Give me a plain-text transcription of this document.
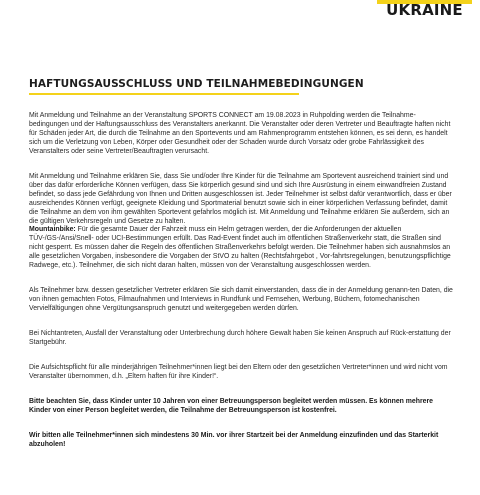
UKRAINE
HAFTUNGSAUSSCHLUSS UND TEILNAHMEBEDINGUNGEN

Mit Anmeldung und Teilnahme an der Veranstaltung SPORTS CONNECT am 19.08.2023 in Ruhpolding werden die Teilnahme-bedingungen und der Haftungsausschluss des Veranstalters anerkannt. Die Veranstalter oder deren Vertreter und Beauftragte haften nicht für Schäden jeder Art, die durch die Teilnahme an den Sportevents und am Rahmenprogramm entstehen können, es sei denn, es handelt sich um die Verletzung von Leben, Körper oder Gesundheit oder der Schaden wurde durch Vorsatz oder grobe Fahrlässigkeit des Veranstalters oder seine Vertreter/Beauftragten verursacht.

Mit Anmeldung und Teilnahme erklären Sie, dass Sie und/oder Ihre Kinder für die Teilnahme am Sportevent ausreichend trainiert sind und über das dafür erforderliche Können verfügen, dass Sie körperlich gesund sind und sich Ihre Ausrüstung in einem einwandfreien Zustand befindet, so dass jede Gefährdung von Ihnen und Dritten ausgeschlossen ist. Jeder Teilnehmer ist selbst dafür verantwortlich, dass er über ausreichendes Können verfügt, geeignete Kleidung und Sportmaterial benutzt sowie sich in einer körperlichen Verfassung befindet, damit die Teilnahme an dem von ihm gewählten Sportevent gefahrlos möglich ist. Mit Anmeldung und Teilnahme erklären Sie außerdem, sich an die gültigen Verkehrsregeln und Gesetze zu halten.

Mountainbike: Für die gesamte Dauer der Fahrzeit muss ein Helm getragen werden, der die Anforderungen der aktuellen TÜV-/GS-/Ansi/Snell- oder UCI-Bestimmungen erfüllt. Das Rad-Event findet auch im öffentlichen Straßenverkehr statt, die Straßen sind nicht gesperrt. Es müssen daher die Regeln des öffentlichen Straßenverkehrs befolgt werden. Die Teilnehmer haben sich ausnahmslos an alle gesetzlichen Vorgaben, insbesondere die Vorgaben der StVO zu halten (Rechtsfahrgebot , Vor-fahrtsregelungen, benutzungspflichtige Radwege, etc.). Teilnehmer, die sich nicht daran halten, müssen von der Veranstaltung ausgeschlossen werden.

Als Teilnehmer bzw. dessen gesetzlicher Vertreter erklären Sie sich damit einverstanden, dass die in der Anmeldung genann-ten Daten, die von ihnen gemachten Fotos, Filmaufnahmen und Interviews in Rundfunk und Fernsehen, Werbung, Büchern, fotomechanischen Vervielfältigungen ohne Vergütungsanspruch genutzt und weitergegeben werden dürfen.

Bei Nichtantreten, Ausfall der Veranstaltung oder Unterbrechung durch höhere Gewalt haben Sie keinen Anspruch auf Rück-erstattung der Startgebühr.

Die Aufsichtspflicht für alle minderjährigen Teilnehmer*innen liegt bei den Eltern oder den gesetzlichen Vertreter*innen und wird nicht vom Veranstalter übernommen, d.h. „Eltern haften für ihre Kinder!“.

Bitte beachten Sie, dass Kinder unter 10 Jahren von einer Betreuungsperson begleitet werden müssen. Es können mehrere Kinder von einer Person begleitet werden, die Teilnahme der Betreuungsperson ist kostenfrei.

Wir bitten alle Teilnehmer*innen sich mindestens 30 Min. vor ihrer Startzeit bei der Anmeldung einzufinden und das Starterkit abzuholen!
